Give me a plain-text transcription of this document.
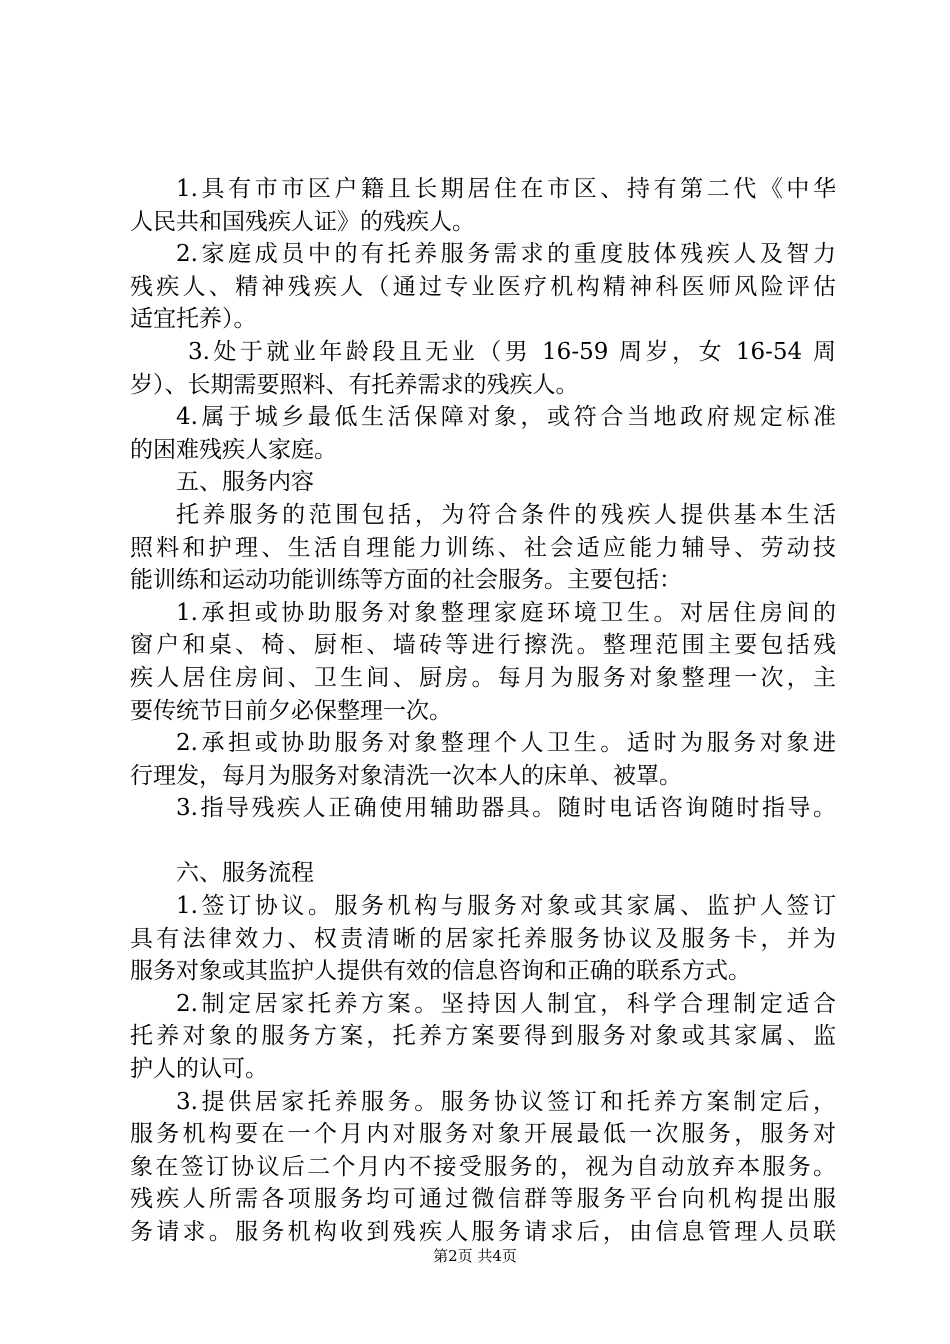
1.具有市市区户籍且长期居住在市区、持有第二代《中华
人民共和国残疾人证》的残疾人。
2.家庭成员中的有托养服务需求的重度肢体残疾人及智力
残疾人、精神残疾人（通过专业医疗机构精神科医师风险评估
适宜托养）。
3.处于就业年龄段且无业（男 16-59 周岁，女 16-54 周
岁）、长期需要照料、有托养需求的残疾人。
4.属于城乡最低生活保障对象，或符合当地政府规定标准
的困难残疾人家庭。
五、服务内容
托养服务的范围包括，为符合条件的残疾人提供基本生活
照料和护理、生活自理能力训练、社会适应能力辅导、劳动技
能训练和运动功能训练等方面的社会服务。主要包括：
1.承担或协助服务对象整理家庭环境卫生。对居住房间的
窗户和桌、椅、厨柜、墙砖等进行擦洗。整理范围主要包括残
疾人居住房间、卫生间、厨房。每月为服务对象整理一次，主
要传统节日前夕必保整理一次。
2.承担或协助服务对象整理个人卫生。适时为服务对象进
行理发，每月为服务对象清洗一次本人的床单、被罩。
3.指导残疾人正确使用辅助器具。随时电话咨询随时指导。
六、服务流程
1.签订协议。服务机构与服务对象或其家属、监护人签订
具有法律效力、权责清晰的居家托养服务协议及服务卡，并为
服务对象或其监护人提供有效的信息咨询和正确的联系方式。
2.制定居家托养方案。坚持因人制宜，科学合理制定适合
托养对象的服务方案，托养方案要得到服务对象或其家属、监
护人的认可。
3.提供居家托养服务。服务协议签订和托养方案制定后，
服务机构要在一个月内对服务对象开展最低一次服务，服务对
象在签订协议后二个月内不接受服务的，视为自动放弃本服务。
残疾人所需各项服务均可通过微信群等服务平台向机构提出服
务请求。服务机构收到残疾人服务请求后，由信息管理人员联
第2页 共4页
